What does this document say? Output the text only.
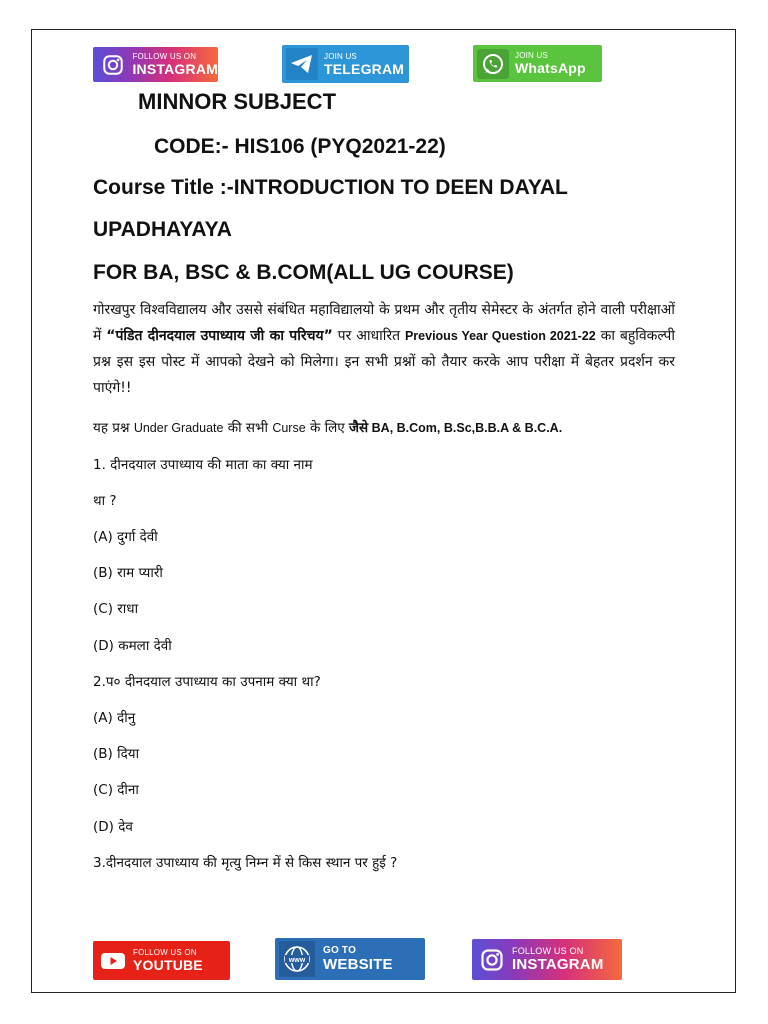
FOLLOW US ON
INSTAGRAM
JOIN US
TELEGRAM
JOIN US
WhatsApp
MINNOR SUBJECT
CODE:- HIS106 (PYQ2021-22)
Course Title :-INTRODUCTION TO DEEN DAYAL
UPADHAYAYA
FOR BA, BSC & B.COM(ALL UG COURSE)
गोरखपुर विश्वविद्यालय और उससे संबंधित महाविद्यालयो के प्रथम और तृतीय सेमेस्टर के अंतर्गत होने वाली परीक्षाओं में “पंडित दीनदयाल उपाध्याय जी का परिचय” पर आधारित Previous Year Question 2021-22 का बहुविकल्पी प्रश्न इस इस पोस्ट में आपको देखने को मिलेगा। इन सभी प्रश्नों को तैयार करके आप परीक्षा में बेहतर प्रदर्शन कर पाएंगे!!
यह प्रश्न Under Graduate की सभी Curse के लिए जैसे BA, B.Com, B.Sc,B.B.A & B.C.A.
1. दीनदयाल उपाध्याय की माता का क्या नाम
था ?
(A) दुर्गा देवी
(B) राम प्यारी
(C) राधा
(D) कमला देवी
2.प० दीनदयाल उपाध्याय का उपनाम क्या था?
(A) दीनु
(B) दिया
(C) दीना
(D) देव
3.दीनदयाल उपाध्याय की मृत्यु निम्न में से किस स्थान पर हुई ?
FOLLOW US ON
YOUTUBE	www
GO TO
WEBSITE
FOLLOW US ON
INSTAGRAM
